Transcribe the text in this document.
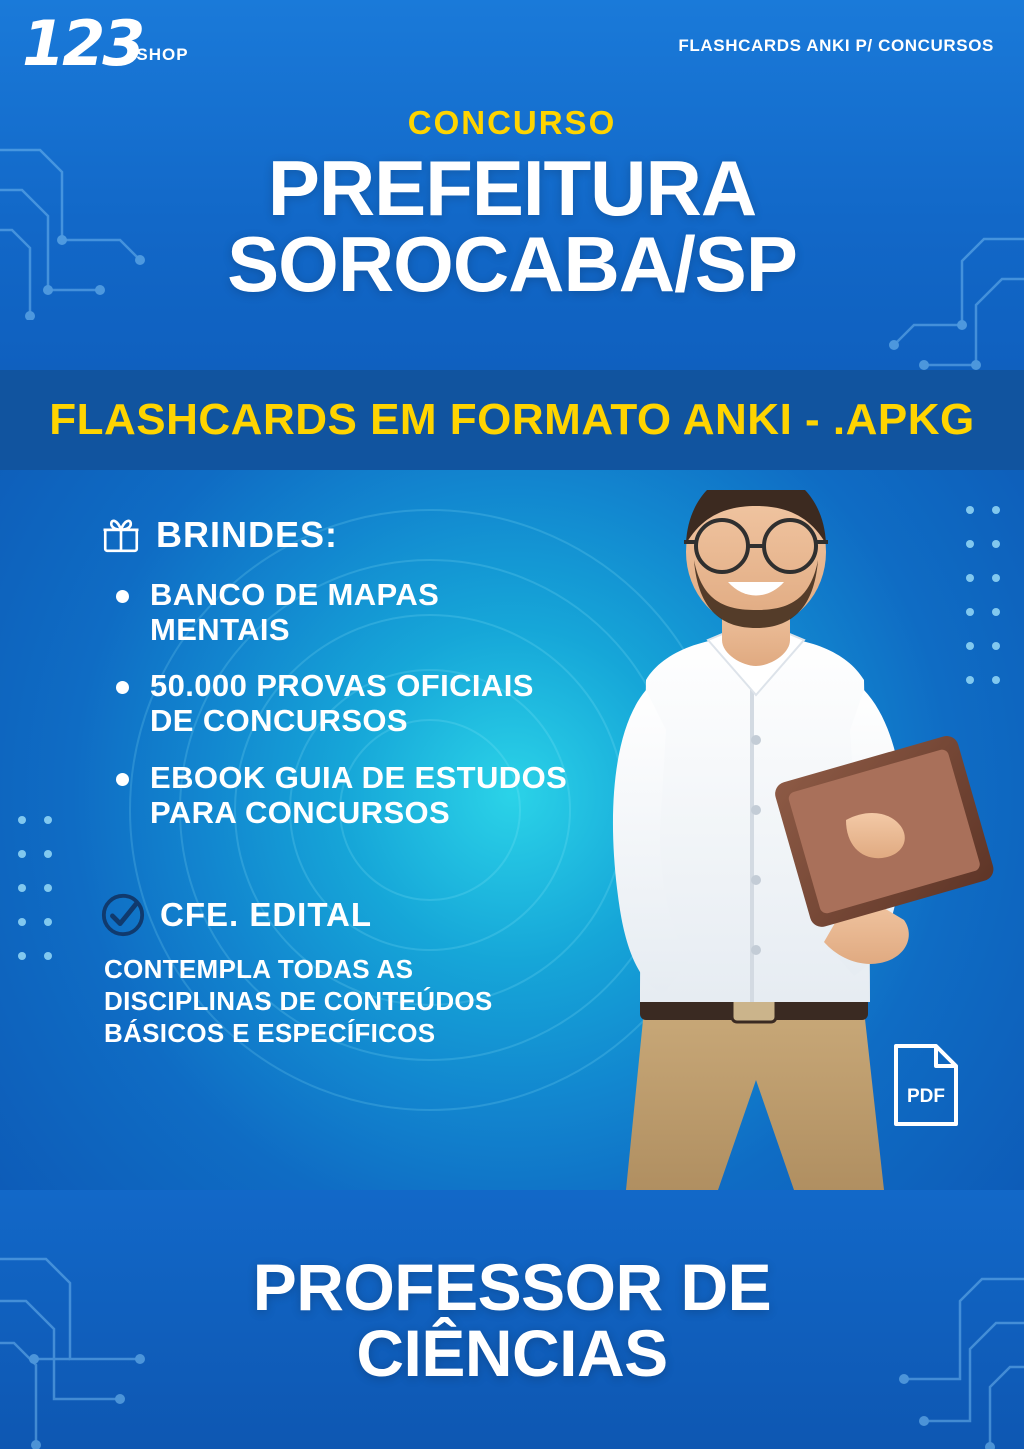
123
SHOP	FLASHCARDS ANKI P/ CONCURSOS
CONCURSO
PREFEITURA
SOROCABA/SP
FLASHCARDS EM FORMATO ANKI - .APKG
BRINDES:
BANCO DE MAPAS MENTAIS
50.000 PROVAS OFICIAIS DE CONCURSOS
EBOOK GUIA DE ESTUDOS PARA CONCURSOS
CFE. EDITAL
CONTEMPLA TODAS AS DISCIPLINAS DE CONTEÚDOS BÁSICOS E ESPECÍFICOS
PDF
PROFESSOR DE
CIÊNCIAS
